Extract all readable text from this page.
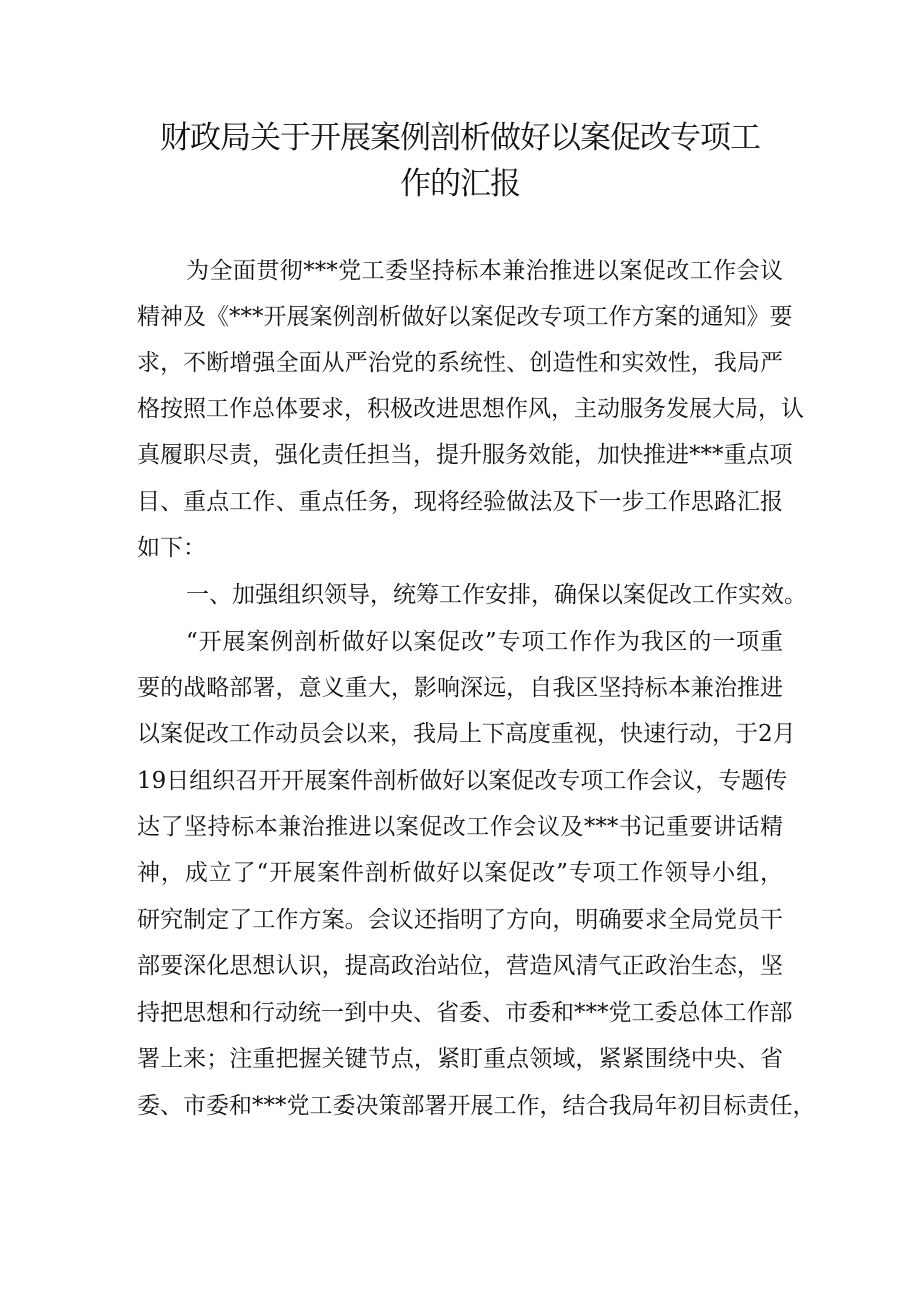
财政局关于开展案例剖析做好以案促改专项工
作的汇报
为全面贯彻***党工委坚持标本兼治推进以案促改工作会议
精神及《***开展案例剖析做好以案促改专项工作方案的通知》要
求，不断增强全面从严治党的系统性、创造性和实效性，我局严
格按照工作总体要求，积极改进思想作风，主动服务发展大局，认
真履职尽责，强化责任担当，提升服务效能，加快推进***重点项
目、重点工作、重点任务，现将经验做法及下一步工作思路汇报
如下：
一、加强组织领导，统筹工作安排，确保以案促改工作实效。
“开展案例剖析做好以案促改”专项工作作为我区的一项重
要的战略部署，意义重大，影响深远，自我区坚持标本兼治推进
以案促改工作动员会以来，我局上下高度重视，快速行动，于2月
19日组织召开开展案件剖析做好以案促改专项工作会议，专题传
达了坚持标本兼治推进以案促改工作会议及***书记重要讲话精
神，成立了“开展案件剖析做好以案促改”专项工作领导小组，
研究制定了工作方案。会议还指明了方向，明确要求全局党员干
部要深化思想认识，提高政治站位，营造风清气正政治生态，坚
持把思想和行动统一到中央、省委、市委和***党工委总体工作部
署上来；注重把握关键节点，紧盯重点领域，紧紧围绕中央、省
委、市委和***党工委决策部署开展工作，结合我局年初目标责任，
